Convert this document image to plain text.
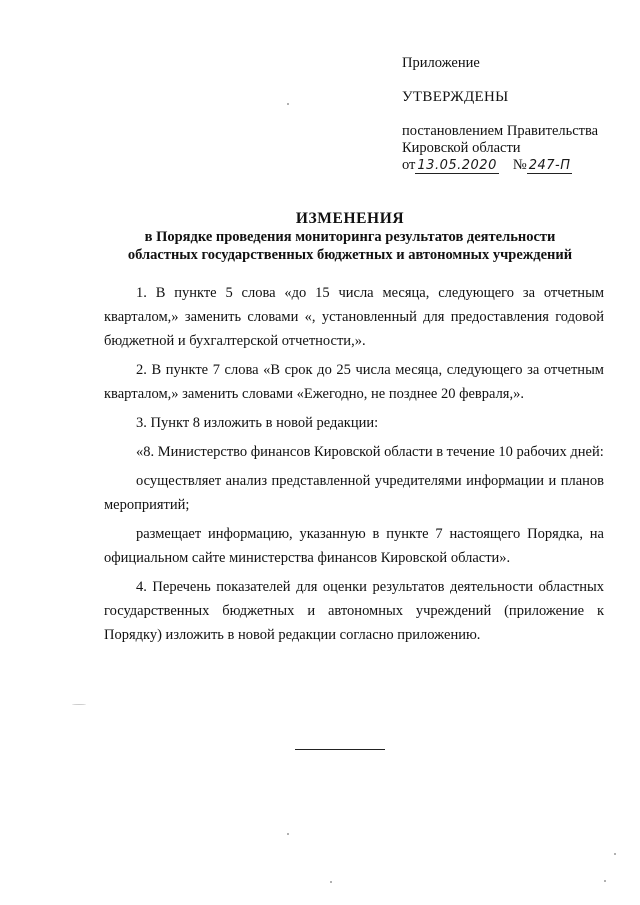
Приложение
УТВЕРЖДЕНЫ
постановлением Правительства
Кировской области
от 13.05.2020 № 247-П
ИЗМЕНЕНИЯ
в Порядке проведения мониторинга результатов деятельности
областных государственных бюджетных и автономных учреждений

1. В пункте 5 слова «до 15 числа месяца, следующего за отчетным кварталом,» заменить словами «, установленный для предоставления годовой бюджетной и бухгалтерской отчетности,».

2. В пункте 7 слова «В срок до 25 числа месяца, следующего за отчетным кварталом,» заменить словами «Ежегодно, не позднее 20 февраля,».

3. Пункт 8 изложить в новой редакции:

«8. Министерство финансов Кировской области в течение 10 рабочих дней:

осуществляет анализ представленной учредителями информации и планов мероприятий;

размещает информацию, указанную в пункте 7 настоящего Порядка, на официальном сайте министерства финансов Кировской области».

4. Перечень показателей для оценки результатов деятельности областных государственных бюджетных и автономных учреждений (приложение к Порядку) изложить в новой редакции согласно приложению.
